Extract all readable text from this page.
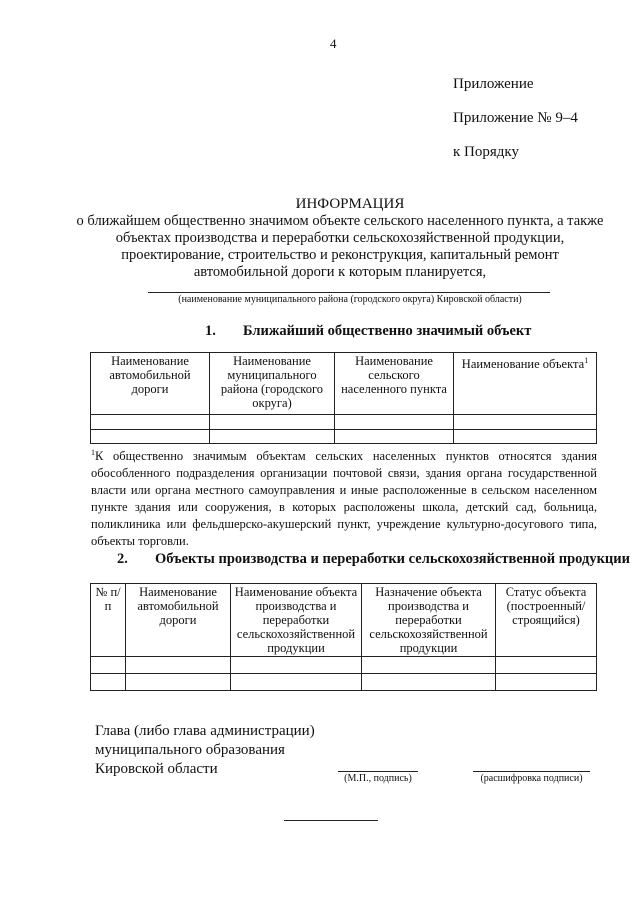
4
Приложение
Приложение № 9–4
к Порядку
ИНФОРМАЦИЯ
о ближайшем общественно значимом объекте сельского населенного пункта, а также
объектах производства и переработки сельскохозяйственной продукции,
проектирование, строительство и реконструкция, капитальный ремонт
автомобильной дороги к которым планируется,
(наименование муниципального района (городского округа) Кировской области)
1. Ближайший общественно значимый объект
Наименование автомобильной дороги	Наименование муниципального района (городского округа)	Наименование сельского населенного пункта	Наименование объекта$^1$

$^1$К общественно значимым объектам сельских населенных пунктов относятся здания обособленного подразделения организации почтовой связи, здания органа государственной власти или органа местного самоуправления и иные расположенные в сельском населенном пункте здания или сооружения, в которых расположены школа, детский сад, больница, поликлиника или фельдшерско-акушерский пункт, учреждение культурно-досугового типа, объекты торговли.
2. Объекты производства и переработки сельскохозяйственной продукции
№ п/п	Наименование автомобильной дороги	Наименование объекта производства и переработки сельскохозяйственной продукции	Назначение объекта производства и переработки сельскохозяйственной продукции	Статус объекта (построенный/ строящийся)

Глава (либо глава администрации)
муниципального образования
Кировской области
(М.П., подпись)	(расшифровка подписи)
